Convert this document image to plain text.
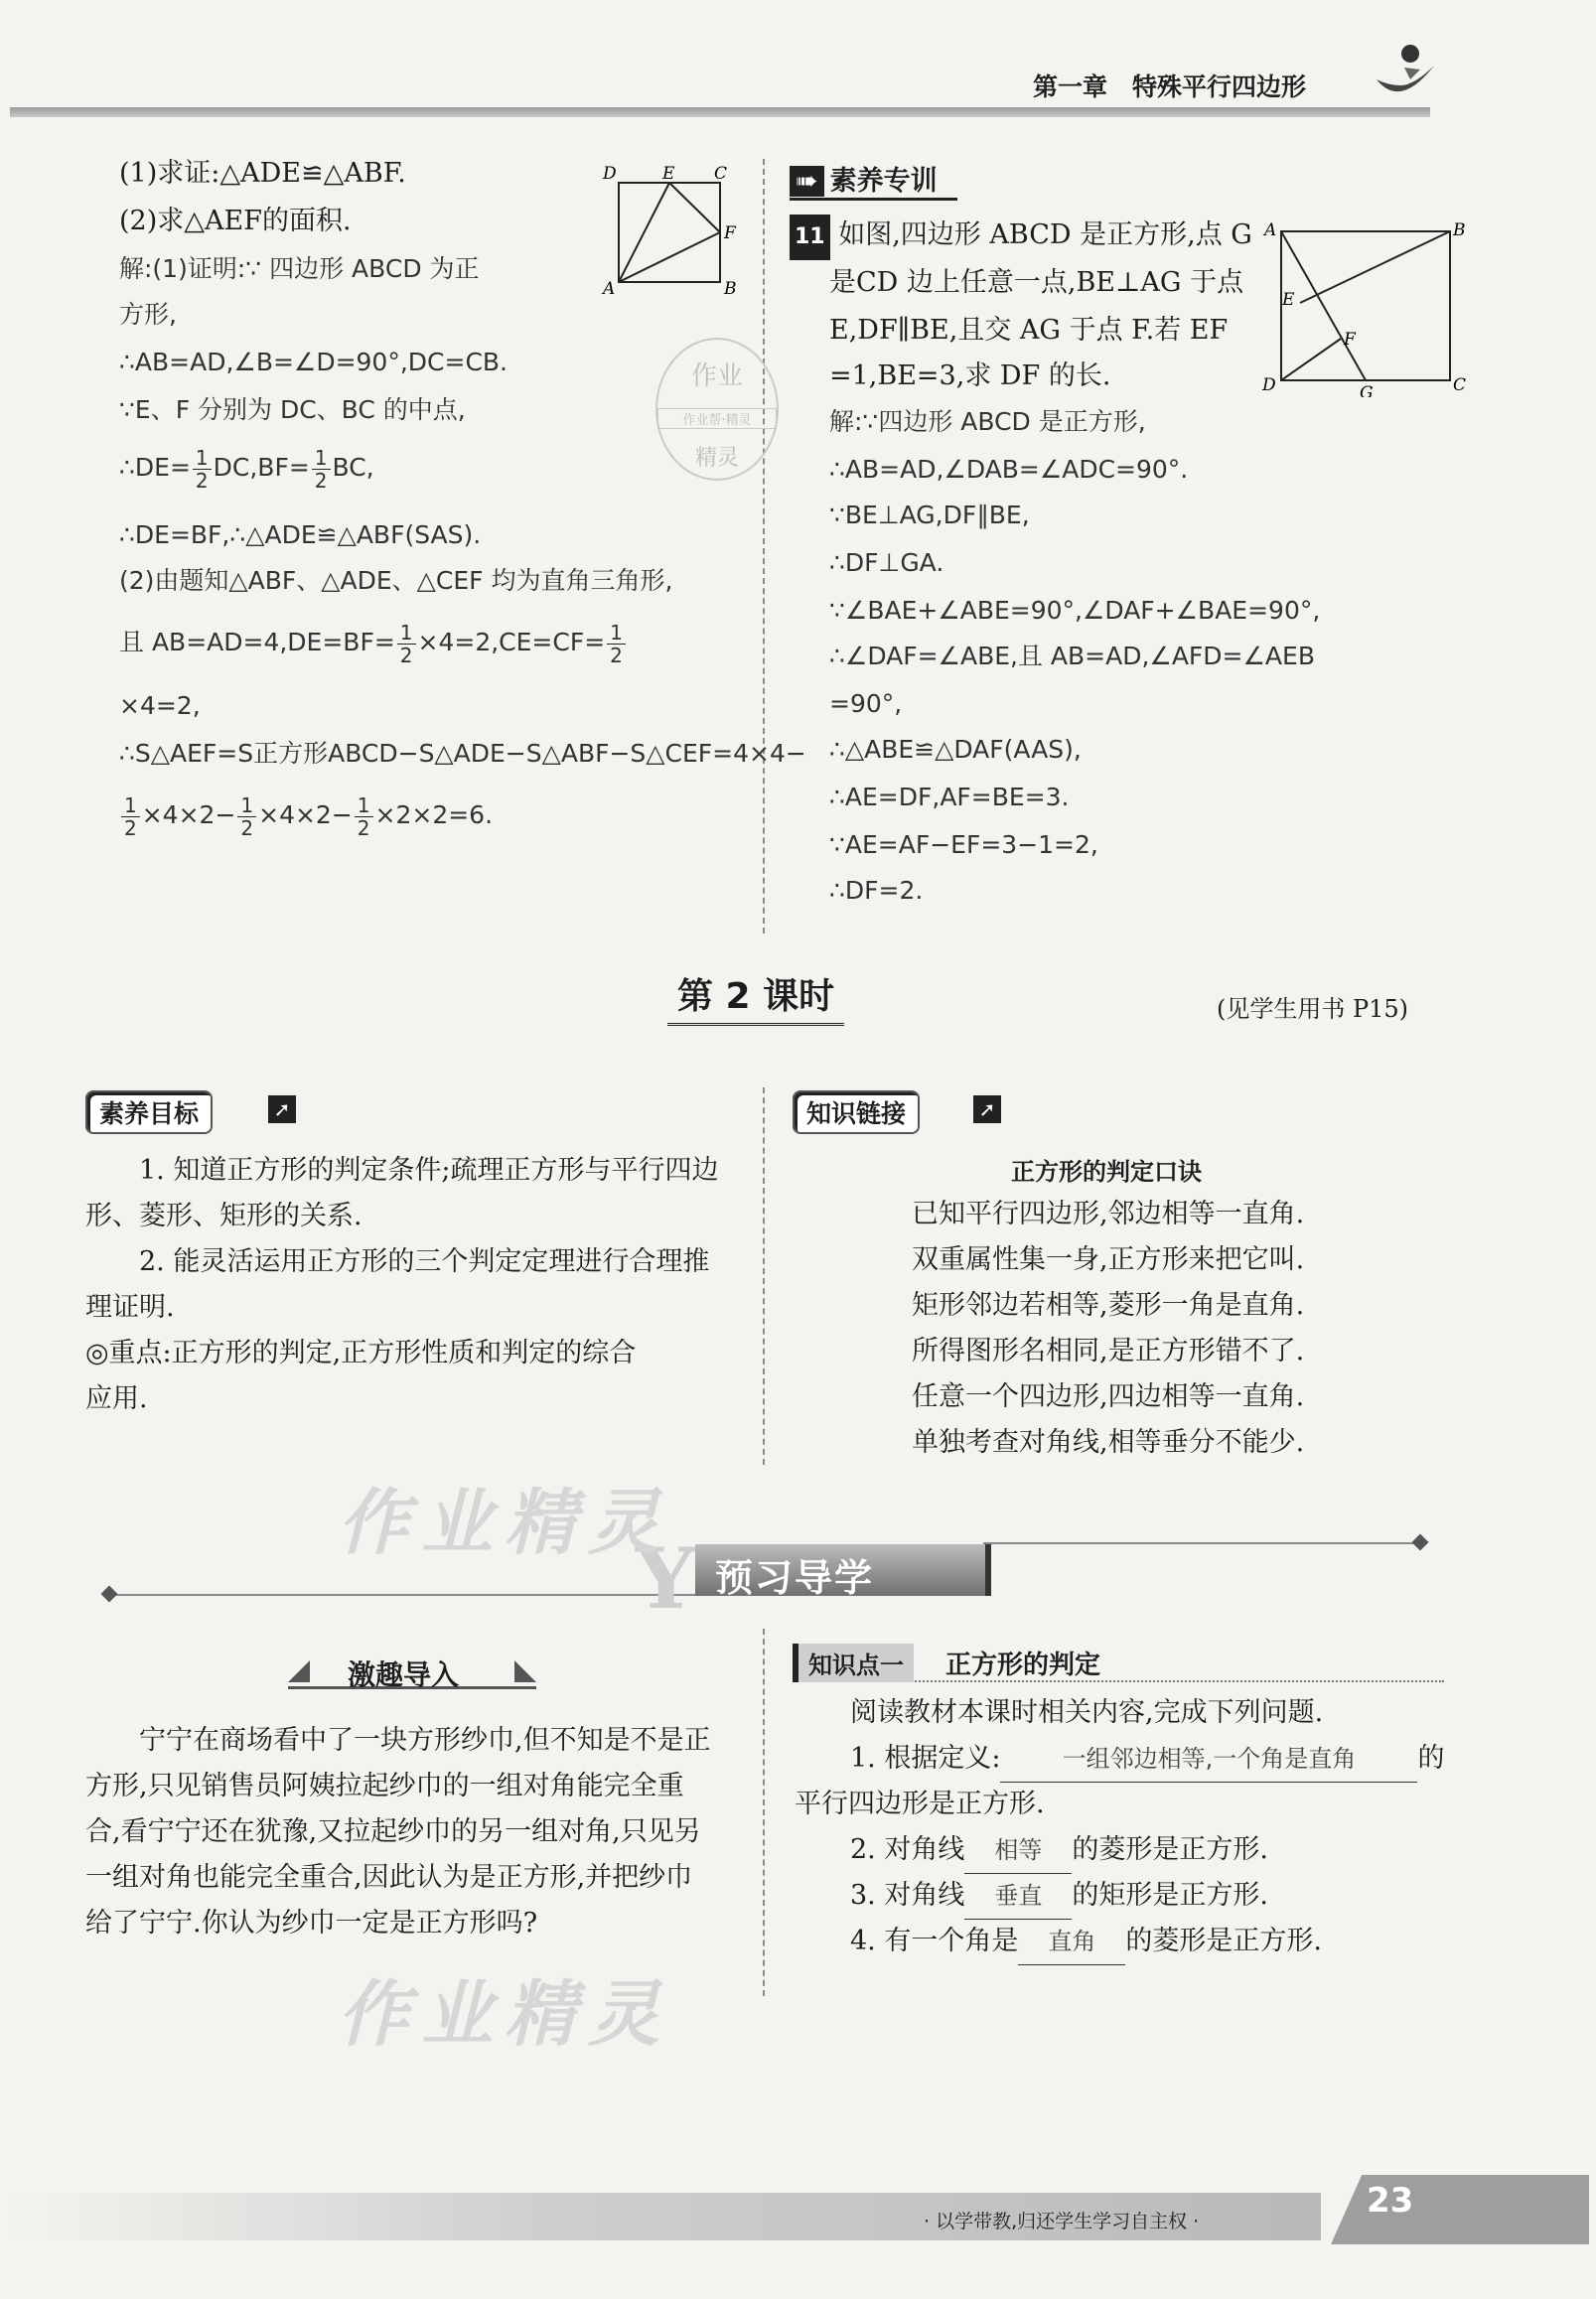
第一章　特殊平行四边形
D	E C
F
A	B
(1)求证:△ADE≌△ABF.
(2)求△AEF的面积.
解:(1)证明:∵ 四边形 ABCD 为正
方形,
∴AB=AD,∠B=∠D=90°,DC=CB.
∵E、F 分别为 DC、BC 的中点,
∴DE= $\frac{1}{2} DC,BF= \frac{1}{2}$ BC,
∴DE=BF,∴△ADE≌△ABF(SAS).
(2)由题知△ABF、△ADE、△CEF 均为直角三角形,
且 $AB=AD=4,DE=BF= \frac{1}{2} \times 4=2,CE=CF= \frac{1}{2}$
×4=2,
∴S△AEF=S正方形ABCD−S△ADE−S△ABF−S△CEF=4×4−
$\frac{1}{2} \times 4\times 2- \frac{1}{2} \times 4\times 2- \frac{1}{2} \times 2\times 2=6$.
作业
作业帮·精灵
精灵
➠ 素养专训
11 如图,四边形 ABCD 是正方形,点 G
是CD 边上任意一点,BE⊥AG 于点
E,DF∥BE,且交 AG 于点 F.若 EF
=1,BE=3,求 DF 的长.
A	B
E
F
D	G	C
解:∵四边形 ABCD 是正方形,
∴AB=AD,∠DAB=∠ADC=90°.
∵BE⊥AG,DF∥BE,
∴DF⊥GA.
∵∠BAE+∠ABE=90°,∠DAF+∠BAE=90°,
∴∠DAF=∠ABE,且 AB=AD,∠AFD=∠AEB
=90°,
∴△ABE≌△DAF(AAS),
∴AE=DF,AF=BE=3.
∵AE=AF−EF=3−1=2,
∴DF=2.
第 2 课时	(见学生用书 P15)
素养目标	➚
1. 知道正方形的判定条件;疏理正方形与平行四边
形、菱形、矩形的关系.
2. 能灵活运用正方形的三个判定定理进行合理推
理证明.
◎重点:正方形的判定,正方形性质和判定的综合
应用.
知识链接	➚
正方形的判定口诀
已知平行四边形,邻边相等一直角.
双重属性集一身,正方形来把它叫.
矩形邻边若相等,菱形一角是直角.
所得图形名相同,是正方形错不了.
任意一个四边形,四边相等一直角.
单独考查对角线,相等垂分不能少.
Y 预习导学
作业精灵
作业精灵
激趣导入
宁宁在商场看中了一块方形纱巾,但不知是不是正
方形,只见销售员阿姨拉起纱巾的一组对角能完全重
合,看宁宁还在犹豫,又拉起纱巾的另一组对角,只见另
一组对角也能完全重合,因此认为是正方形,并把纱巾
给了宁宁.你认为纱巾一定是正方形吗?
知识点一	正方形的判定
阅读教材本课时相关内容,完成下列问题.
1. 根据定义:	一组邻边相等,一个角是直角 的
平行四边形是正方形.
2. 对角线 相等 的菱形是正方形.
3. 对角线 垂直 的矩形是正方形.
4. 有一个角是 直角 的菱形是正方形.
· 以学带教,归还学生学习自主权 ·
23
